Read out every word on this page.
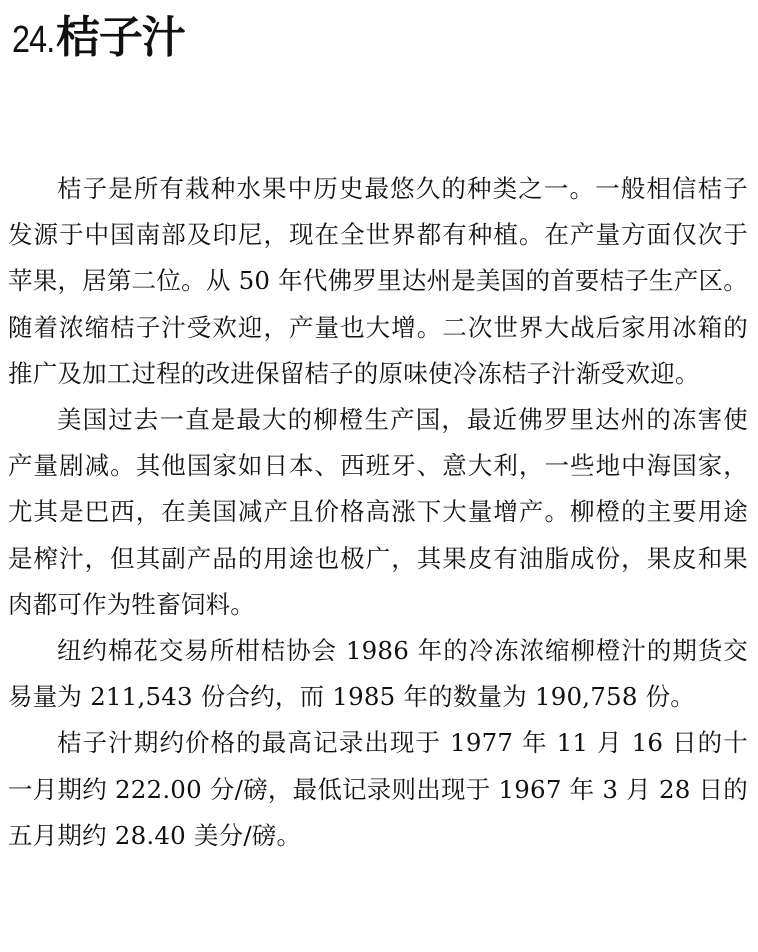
24.桔子汁

桔子是所有栽种水果中历史最悠久的种类之一。一般相信桔子发源于中国南部及印尼，现在全世界都有种植。在产量方面仅次于苹果，居第二位。从 50 年代佛罗里达州是美国的首要桔子生产区。随着浓缩桔子汁受欢迎，产量也大增。二次世界大战后家用冰箱的推广及加工过程的改进保留桔子的原味使冷冻桔子汁渐受欢迎。

美国过去一直是最大的柳橙生产国，最近佛罗里达州的冻害使产量剧减。其他国家如日本、西班牙、意大利，一些地中海国家，尤其是巴西，在美国减产且价格高涨下大量增产。柳橙的主要用途是榨汁，但其副产品的用途也极广，其果皮有油脂成份，果皮和果肉都可作为牲畜饲料。

纽约棉花交易所柑桔协会 1986 年的冷冻浓缩柳橙汁的期货交易量为 211,543 份合约，而 1985 年的数量为 190,758 份。

桔子汁期约价格的最高记录出现于 1977 年 11 月 16 日的十一月期约 222.00 分/磅，最低记录则出现于 1967 年 3 月 28 日的五月期约 28.40 美分/磅。
